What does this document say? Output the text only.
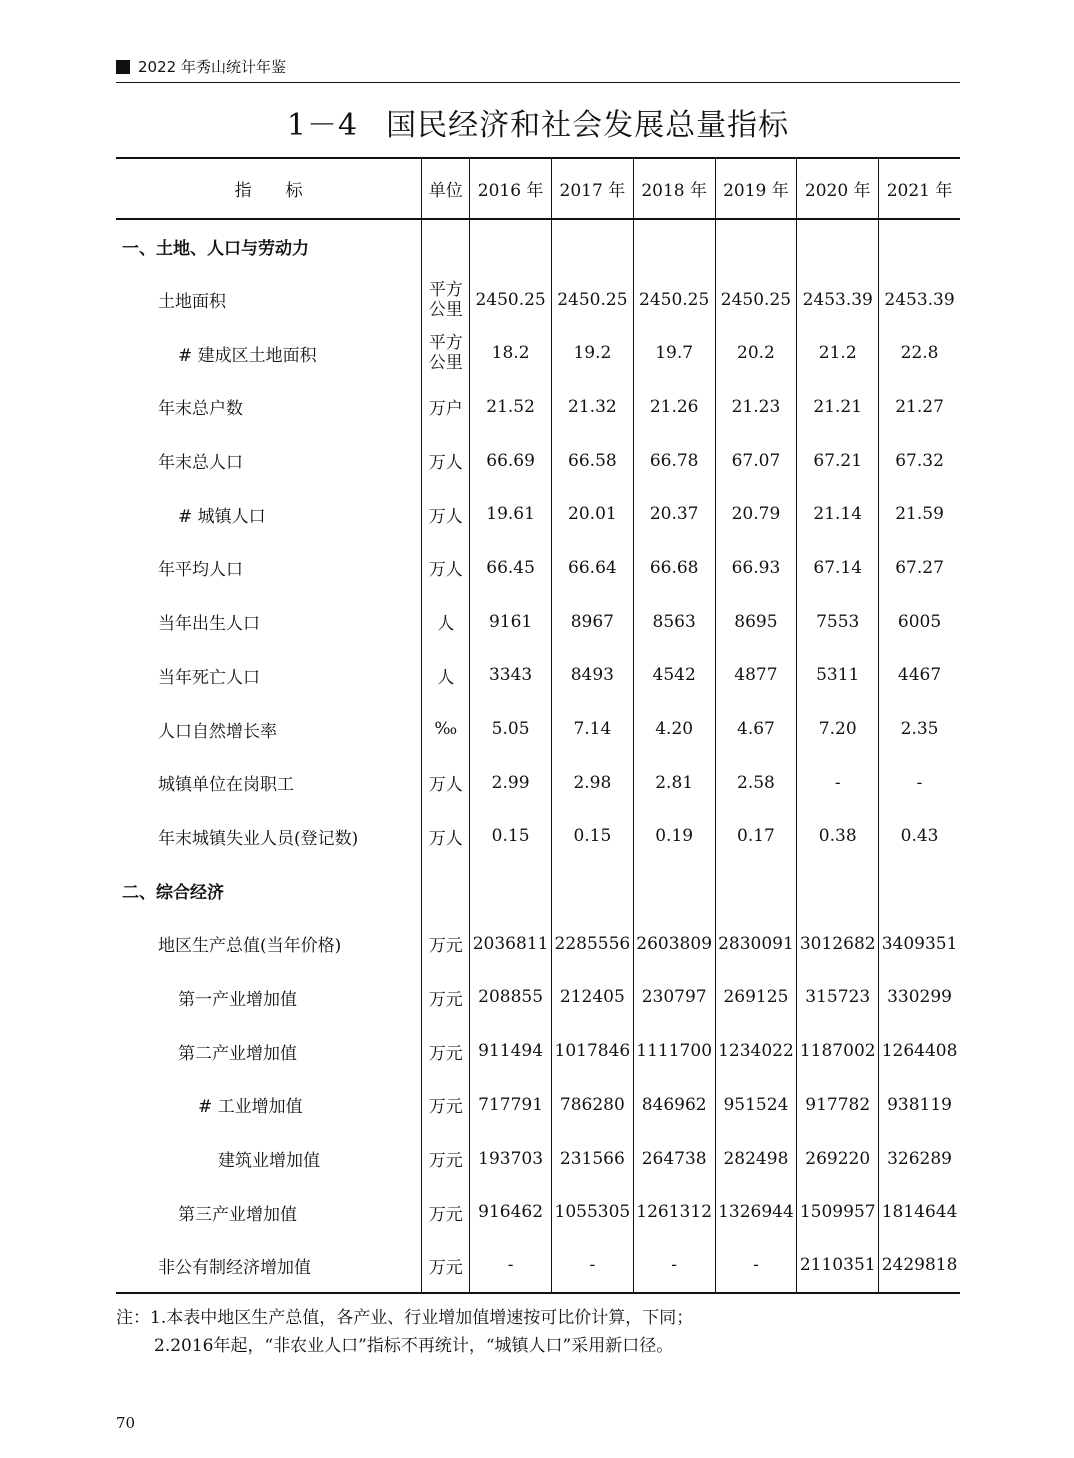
2022 年秀山统计年鉴
1－4 国民经济和社会发展总量指标
指　　标	单位	2016 年	2017 年	2018 年	2019 年	2020 年	2021 年
一、土地、人口与劳动力							
土地面积	平方公里	2450.25	2450.25	2450.25	2450.25	2453.39	2453.39
# 建成区土地面积	平方公里	18.2	19.2	19.7	20.2	21.2	22.8
年末总户数	万户	21.52	21.32	21.26	21.23	21.21	21.27
年末总人口	万人	66.69	66.58	66.78	67.07	67.21	67.32
# 城镇人口	万人	19.61	20.01	20.37	20.79	21.14	21.59
年平均人口	万人	66.45	66.64	66.68	66.93	67.14	67.27
当年出生人口	人	9161	8967	8563	8695	7553	6005
当年死亡人口	人	3343	8493	4542	4877	5311	4467
人口自然增长率	‰	5.05	7.14	4.20	4.67	7.20	2.35
城镇单位在岗职工	万人	2.99	2.98	2.81	2.58	-	-
年末城镇失业人员(登记数)	万人	0.15	0.15	0.19	0.17	0.38	0.43
二、综合经济							
地区生产总值(当年价格)	万元	2036811	2285556	2603809	2830091	3012682	3409351
第一产业增加值	万元	208855	212405	230797	269125	315723	330299
第二产业增加值	万元	911494	1017846	1111700	1234022	1187002	1264408
# 工业增加值	万元	717791	786280	846962	951524	917782	938119
建筑业增加值	万元	193703	231566	264738	282498	269220	326289
第三产业增加值	万元	916462	1055305	1261312	1326944	1509957	1814644
非公有制经济增加值	万元	-	-	-	-	2110351	2429818
注：1.本表中地区生产总值，各产业、行业增加值增速按可比价计算，下同；
2.2016年起，“非农业人口”指标不再统计，“城镇人口”采用新口径。
70
